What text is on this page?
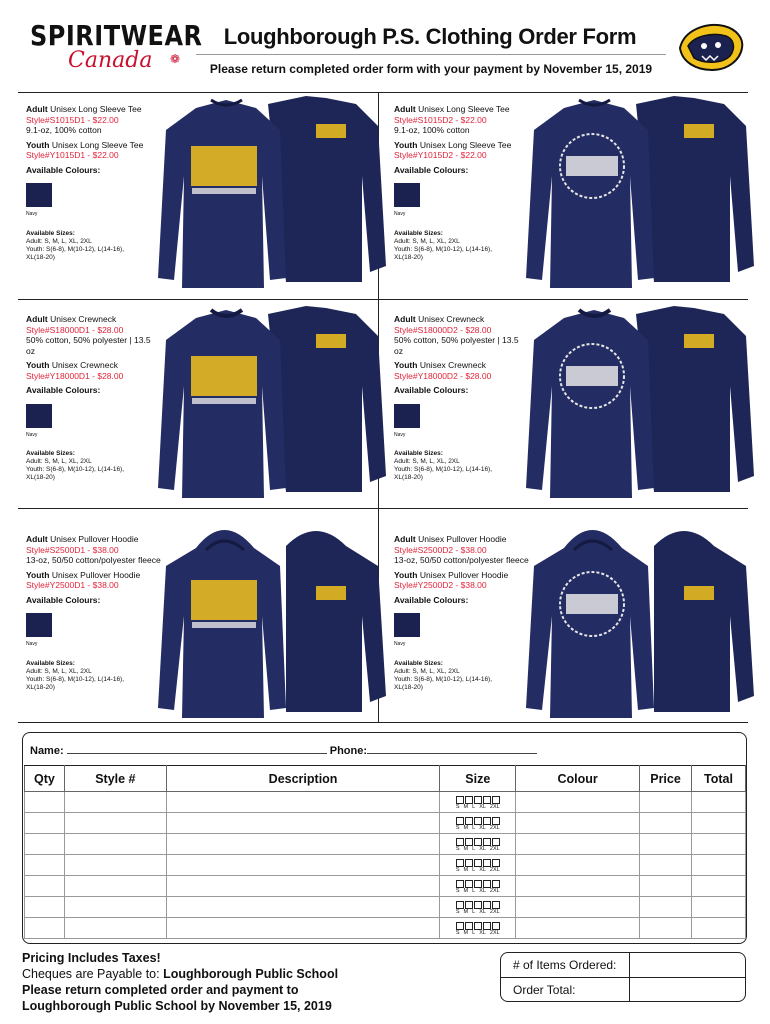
SPIRITWEAR
Canada ❁
Loughborough P.S. Clothing Order Form
Please return completed order form with your payment by November 15, 2019
Adult Unisex Long Sleeve Tee
Style#S1015D1 - $22.00
9.1-oz, 100% cotton
Youth Unisex Long Sleeve Tee
Style#Y1015D1 - $22.00
Available Colours:
Navy
Available Sizes:
Adult: S, M, L, XL, 2XL
Youth: S(6-8), M(10-12), L(14-16),
XL(18-20)
Adult Unisex Long Sleeve Tee
Style#S1015D2 - $22.00
9.1-oz, 100% cotton
Youth Unisex Long Sleeve Tee
Style#Y1015D2 - $22.00
Available Colours:
Navy
Available Sizes:
Adult: S, M, L, XL, 2XL
Youth: S(6-8), M(10-12), L(14-16),
XL(18-20)
Adult Unisex Crewneck
Style#S18000D1 - $28.00
50% cotton, 50% polyester | 13.5 oz
Youth Unisex Crewneck
Style#Y18000D1 - $28.00
Available Colours:
Navy
Available Sizes:
Adult: S, M, L, XL, 2XL
Youth: S(6-8), M(10-12), L(14-16),
XL(18-20)
Adult Unisex Crewneck
Style#S18000D2 - $28.00
50% cotton, 50% polyester | 13.5 oz
Youth Unisex Crewneck
Style#Y18000D2 - $28.00
Available Colours:
Navy
Available Sizes:
Adult: S, M, L, XL, 2XL
Youth: S(6-8), M(10-12), L(14-16),
XL(18-20)
Adult Unisex Pullover Hoodie
Style#S2500D1 - $38.00
13-oz, 50/50 cotton/polyester fleece
Youth Unisex Pullover Hoodie
Style#Y2500D1 - $38.00
Available Colours:
Navy
Available Sizes:
Adult: S, M, L, XL, 2XL
Youth: S(6-8), M(10-12), L(14-16),
XL(18-20)
Adult Unisex Pullover Hoodie
Style#S2500D2 - $38.00
13-oz, 50/50 cotton/polyester fleece
Youth Unisex Pullover Hoodie
Style#Y2500D2 - $38.00
Available Colours:
Navy
Available Sizes:
Adult: S, M, L, XL, 2XL
Youth: S(6-8), M(10-12), L(14-16),
XL(18-20)
Name:	Phone:
Qty	Style #	Description	Size	Colour	Price	Total

			S M L XL 2XL			

			S M L XL 2XL			

			S M L XL 2XL			

			S M L XL 2XL			

			S M L XL 2XL			

			S M L XL 2XL			

			S M L XL 2XL			

Pricing Includes Taxes!
Cheques are Payable to: Loughborough Public School
Please return completed order and payment to
Loughborough Public School by November 15, 2019
# of Items Ordered:
Order Total:
